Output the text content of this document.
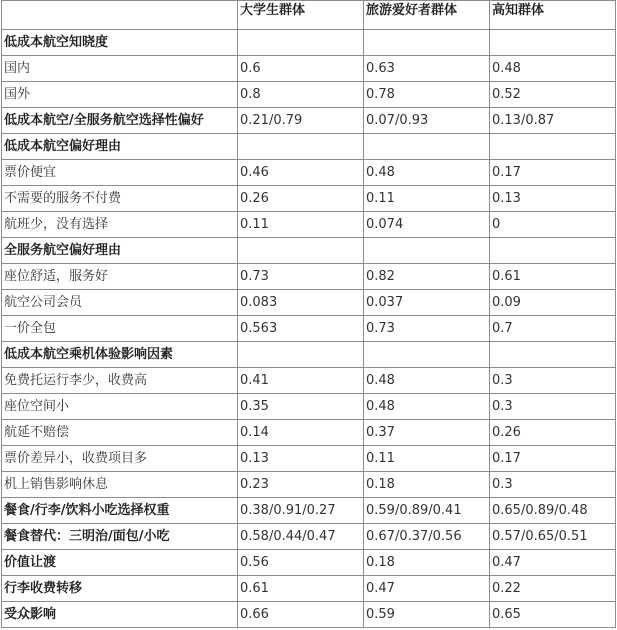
	大学生群体	旅游爱好者群体	高知群体
低成本航空知晓度			
国内	0.6	0.63	0.48
国外	0.8	0.78	0.52
低成本航空/全服务航空选择性偏好	0.21/0.79	0.07/0.93	0.13/0.87
低成本航空偏好理由			
票价便宜	0.46	0.48	0.17
不需要的服务不付费	0.26	0.11	0.13
航班少，没有选择	0.11	0.074	0
全服务航空偏好理由			
座位舒适，服务好	0.73	0.82	0.61
航空公司会员	0.083	0.037	0.09
一价全包	0.563	0.73	0.7
低成本航空乘机体验影响因素			
免费托运行李少，收费高	0.41	0.48	0.3
座位空间小	0.35	0.48	0.3
航延不赔偿	0.14	0.37	0.26
票价差异小，收费项目多	0.13	0.11	0.17
机上销售影响休息	0.23	0.18	0.3
餐食/行李/饮料小吃选择权重	0.38/0.91/0.27	0.59/0.89/0.41	0.65/0.89/0.48
餐食替代：三明治/面包/小吃	0.58/0.44/0.47	0.67/0.37/0.56	0.57/0.65/0.51
价值让渡	0.56	0.18	0.47
行李收费转移	0.61	0.47	0.22
受众影响	0.66	0.59	0.65
